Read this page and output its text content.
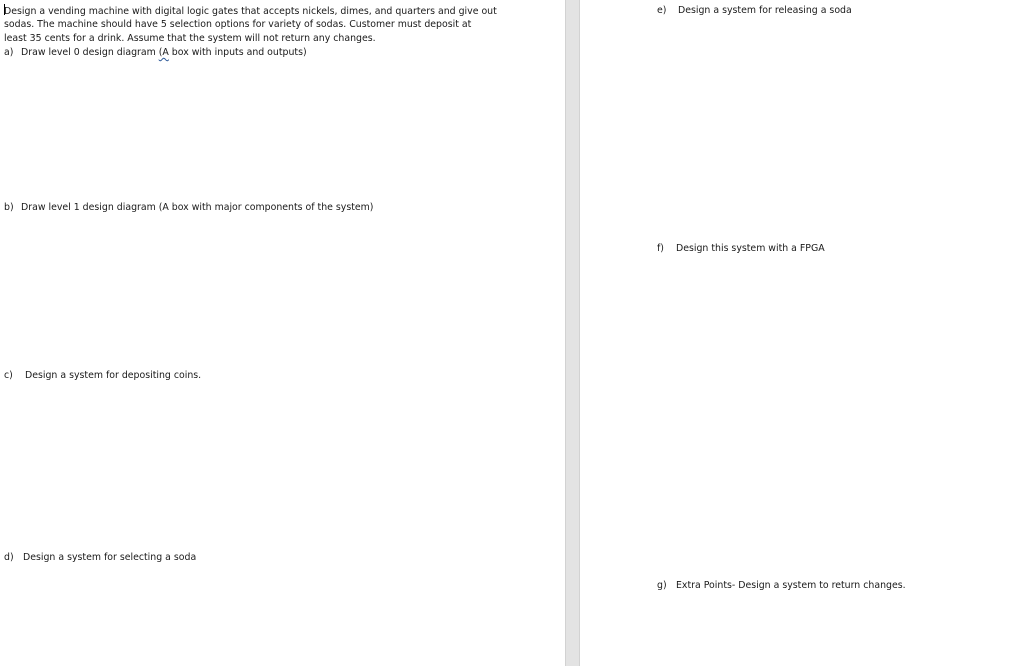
Design a vending machine with digital logic gates that accepts nickels, dimes, and quarters and give out
sodas. The machine should have 5 selection options for variety of sodas. Customer must deposit at
least 35 cents for a drink. Assume that the system will not return any changes.
a) Draw level 0 design diagram (A box with inputs and outputs)
b) Draw level 1 design diagram (A box with major components of the system)
c) Design a system for depositing coins.
d) Design a system for selecting a soda
e) Design a system for releasing a soda
f) Design this system with a FPGA
g) Extra Points- Design a system to return changes.
